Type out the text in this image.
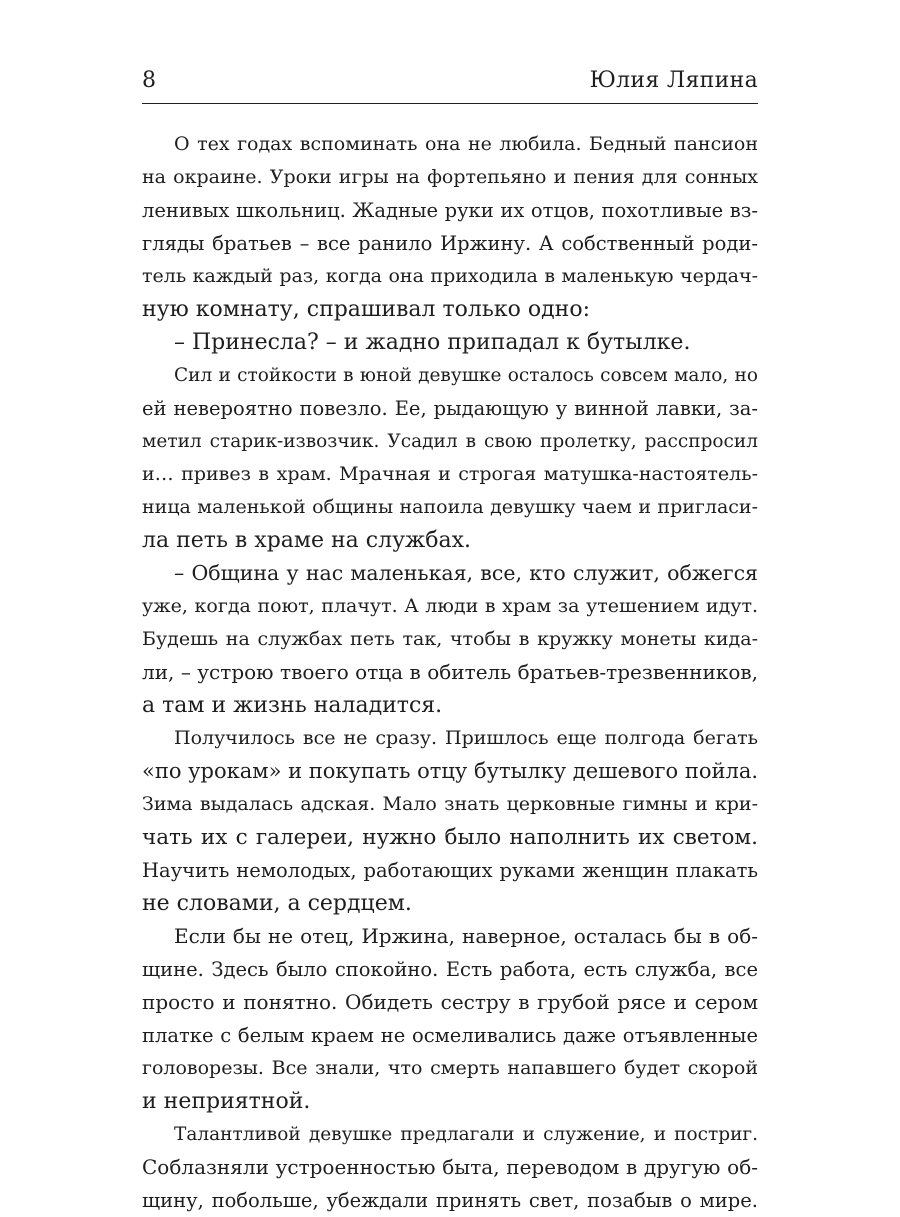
8	Юлия Ляпина
О тех годах вспоминать она не любила. Бедный пансион
на окраине. Уроки игры на фортепьяно и пения для сонных
ленивых школьниц. Жадные руки их отцов, похотливые вз-
гляды братьев – все ранило Иржину. А собственный роди-
тель каждый раз, когда она приходила в маленькую чердач-
ную комнату, спрашивал только одно:
– Принесла? – и жадно припадал к бутылке.
Сил и стойкости в юной девушке осталось совсем мало, но
ей невероятно повезло. Ее, рыдающую у винной лавки, за-
метил старик-извозчик. Усадил в свою пролетку, расспросил
и… привез в храм. Мрачная и строгая матушка-настоятель-
ница маленькой общины напоила девушку чаем и пригласи-
ла петь в храме на службах.
– Община у нас маленькая, все, кто служит, обжегся
уже, когда поют, плачут. А люди в храм за утешением идут.
Будешь на службах петь так, чтобы в кружку монеты кида-
ли, – устрою твоего отца в обитель братьев-трезвенников,
а там и жизнь наладится.
Получилось все не сразу. Пришлось еще полгода бегать
«по урокам» и покупать отцу бутылку дешевого пойла.
Зима выдалась адская. Мало знать церковные гимны и кри-
чать их с галереи, нужно было наполнить их светом.
Научить немолодых, работающих руками женщин плакать
не словами, а сердцем.
Если бы не отец, Иржина, наверное, осталась бы в об-
щине. Здесь было спокойно. Есть работа, есть служба, все
просто и понятно. Обидеть сестру в грубой рясе и сером
платке с белым краем не осмеливались даже отъявленные
головорезы. Все знали, что смерть напавшего будет скорой
и неприятной.
Талантливой девушке предлагали и служение, и постриг.
Соблазняли устроенностью быта, переводом в другую об-
щину, побольше, убеждали принять свет, позабыв о мире.
